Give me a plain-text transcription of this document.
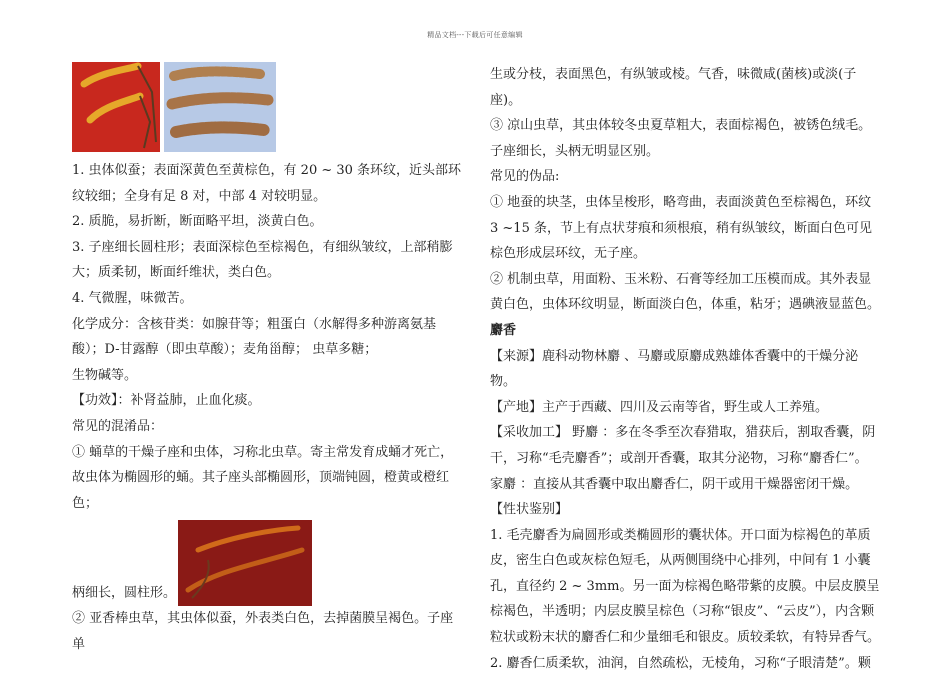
精品文档---下载后可任意编辑

1. 虫体似蚕；表面深黄色至黄棕色，有 20 ~ 30 条环纹，近头部环纹较细；全身有足 8 对，中部 4 对较明显。

2. 质脆，易折断，断面略平坦，淡黄白色。

3. 子座细长圆柱形；表面深棕色至棕褐色，有细纵皱纹，上部稍膨大；质柔韧，断面纤维状，类白色。

4. 气微腥，味微苦。

化学成分：含核苷类：如腺苷等；粗蛋白（水解得多种游离氨基酸）；D-甘露醇（即虫草酸）；麦角甾醇； 虫草多糖；

生物碱等。

【功效】：补肾益肺，止血化痰。

常见的混淆品：

① 蛹草的干燥子座和虫体，习称北虫草。寄主常发育成蛹才死亡，故虫体为椭圆形的蛹。其子座头部椭圆形，顶端钝圆，橙黄或橙红色；

柄细长，圆柱形。

② 亚香棒虫草，其虫体似蚕，外表类白色，去掉菌膜呈褐色。子座单

生或分枝，表面黑色，有纵皱或棱。气香，味微咸(菌核)或淡(子座)。

③ 凉山虫草，其虫体较冬虫夏草粗大，表面棕褐色，被锈色绒毛。子座细长，头柄无明显区别。

常见的伪品:

① 地蚕的块茎，虫体呈梭形，略弯曲，表面淡黄色至棕褐色，环纹 3 ~15 条，节上有点状芽痕和须根痕，稍有纵皱纹，断面白色可见棕色形成层环纹，无子座。

② 机制虫草，用面粉、玉米粉、石膏等经加工压模而成。其外表显黄白色，虫体环纹明显，断面淡白色，体重，粘牙；遇碘液显蓝色。

麝香

【来源】鹿科动物林麝 、马麝或原麝成熟雄体香囊中的干燥分泌物。

【产地】主产于西藏、四川及云南等省，野生或人工养殖。

【采收加工】 野麝 ：多在冬季至次春猎取，猎获后，割取香囊，阴干，习称“毛壳麝香”；或剖开香囊，取其分泌物，习称“麝香仁”。家麝 ：直接从其香囊中取出麝香仁，阴干或用干燥器密闭干燥。

【性状鉴别】

1. 毛壳麝香为扁圆形或类椭圆形的囊状体。开口面为棕褐色的革质皮，密生白色或灰棕色短毛，从两侧围绕中心排列，中间有 1 小囊孔，直径约 2 ~ 3mm。另一面为棕褐色略带紫的皮膜。中层皮膜呈棕褐色，半透明；内层皮膜呈棕色（习称“银皮”、“云皮”），内含颗粒状或粉末状的麝香仁和少量细毛和银皮。质较柔软，有特异香气。

2. 麝香仁质柔软，油润，自然疏松，无棱角，习称“子眼清楚”。颗
